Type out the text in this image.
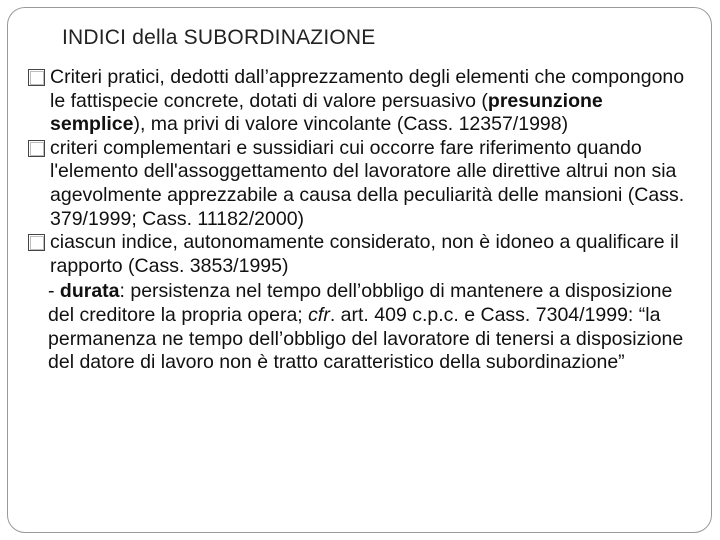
INDICI della SUBORDINAZIONE
Criteri pratici, dedotti dall’apprezzamento degli elementi che compongono le fattispecie concrete, dotati di valore persuasivo (presunzione semplice), ma privi di valore vincolante (Cass. 12357/1998)
criteri complementari e sussidiari cui occorre fare riferimento quando l'elemento dell'assoggettamento del lavoratore alle direttive altrui non sia agevolmente apprezzabile a causa della peculiarità delle mansioni (Cass. 379/1999; Cass. 11182/2000)
ciascun indice, autonomamente considerato, non è idoneo a qualificare il rapporto (Cass. 3853/1995)
- durata: persistenza nel tempo dell’obbligo di mantenere a disposizione del creditore la propria opera; cfr. art. 409 c.p.c. e Cass. 7304/1999: “la permanenza ne tempo dell’obbligo del lavoratore di tenersi a disposizione del datore di lavoro non è tratto caratteristico della subordinazione”
